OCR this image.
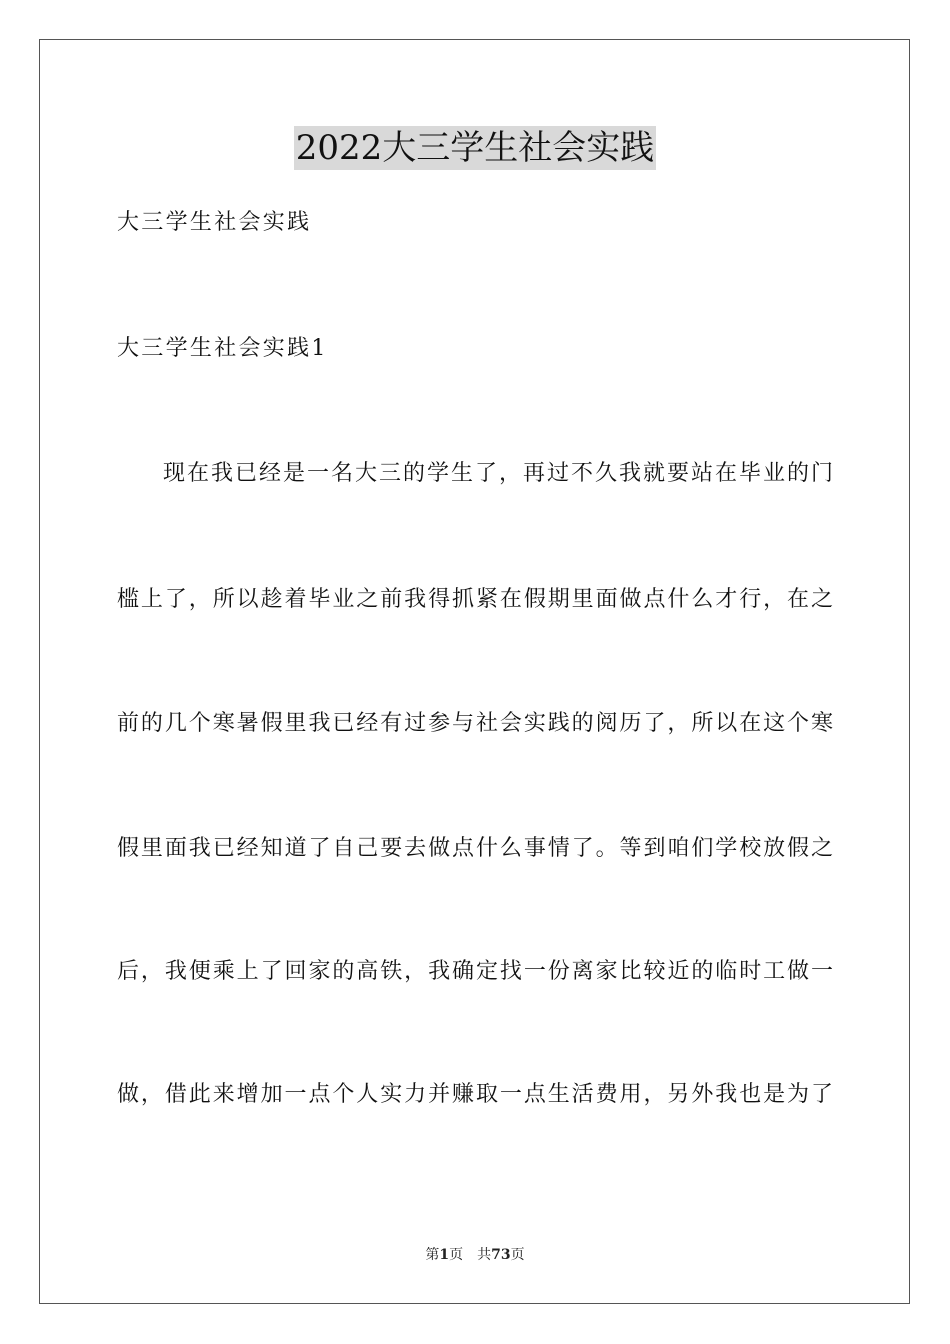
2022大三学生社会实践

大三学生社会实践

大三学生社会实践1

现在我已经是一名大三的学生了，再过不久我就要站在毕业的门

槛上了，所以趁着毕业之前我得抓紧在假期里面做点什么才行，在之

前的几个寒暑假里我已经有过参与社会实践的阅历了，所以在这个寒

假里面我已经知道了自己要去做点什么事情了。等到咱们学校放假之

后，我便乘上了回家的高铁，我确定找一份离家比较近的临时工做一

做，借此来增加一点个人实力并赚取一点生活费用，另外我也是为了

第1页 共73页
